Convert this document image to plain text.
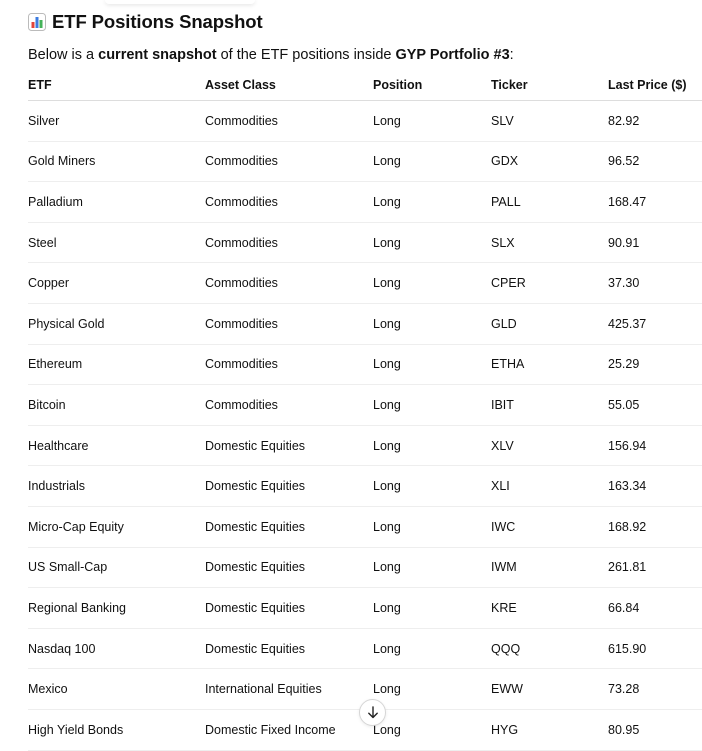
ETF Positions Snapshot

Below is a current snapshot of the ETF positions inside GYP Portfolio #3:

ETF	Asset Class	Position	Ticker	Last Price ($)
Silver	Commodities	Long	SLV	82.92
Gold Miners	Commodities	Long	GDX	96.52
Palladium	Commodities	Long	PALL	168.47
Steel	Commodities	Long	SLX	90.91
Copper	Commodities	Long	CPER	37.30
Physical Gold	Commodities	Long	GLD	425.37
Ethereum	Commodities	Long	ETHA	25.29
Bitcoin	Commodities	Long	IBIT	55.05
Healthcare	Domestic Equities	Long	XLV	156.94
Industrials	Domestic Equities	Long	XLI	163.34
Micro-Cap Equity	Domestic Equities	Long	IWC	168.92
US Small-Cap	Domestic Equities	Long	IWM	261.81
Regional Banking	Domestic Equities	Long	KRE	66.84
Nasdaq 100	Domestic Equities	Long	QQQ	615.90
Mexico	International Equities	Long	EWW	73.28
High Yield Bonds	Domestic Fixed Income	Long	HYG	80.95
